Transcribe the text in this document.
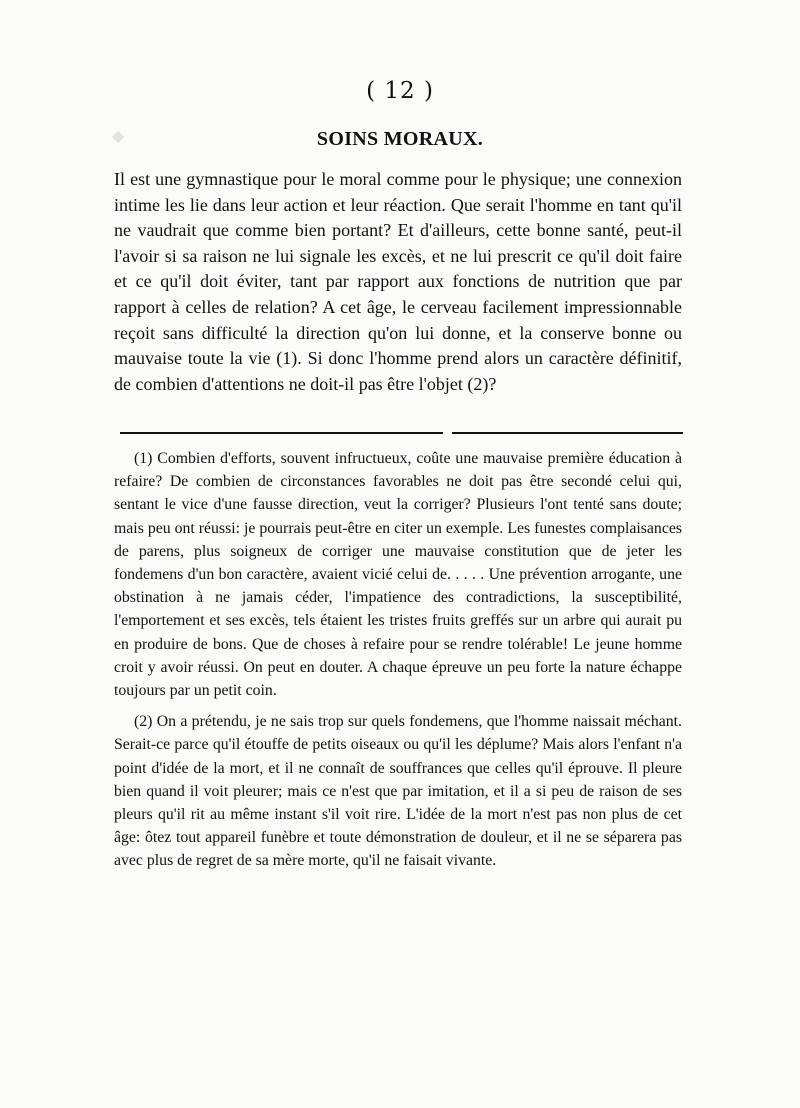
◆
( 12 )
SOINS MORAUX.
Il est une gymnastique pour le moral comme pour le physique; une connexion intime les lie dans leur action et leur réaction. Que serait l'homme en tant qu'il ne vaudrait que comme bien portant? Et d'ailleurs, cette bonne santé, peut-il l'avoir si sa raison ne lui signale les excès, et ne lui prescrit ce qu'il doit faire et ce qu'il doit éviter, tant par rapport aux fonctions de nutrition que par rapport à celles de relation? A cet âge, le cerveau facilement impressionnable reçoit sans difficulté la direction qu'on lui donne, et la conserve bonne ou mauvaise toute la vie (1). Si donc l'homme prend alors un caractère définitif, de combien d'attentions ne doit-il pas être l'objet (2)?

(1) Combien d'efforts, souvent infructueux, coûte une mauvaise première éducation à refaire? De combien de circonstances favorables ne doit pas être secondé celui qui, sentant le vice d'une fausse direction, veut la corriger? Plusieurs l'ont tenté sans doute; mais peu ont réussi: je pourrais peut-être en citer un exemple. Les funestes complaisances de parens, plus soigneux de corriger une mauvaise constitution que de jeter les fondemens d'un bon caractère, avaient vicié celui de. . . . . Une prévention arrogante, une obstination à ne jamais céder, l'impatience des contradictions, la susceptibilité, l'emportement et ses excès, tels étaient les tristes fruits greffés sur un arbre qui aurait pu en produire de bons. Que de choses à refaire pour se rendre tolérable! Le jeune homme croit y avoir réussi. On peut en douter. A chaque épreuve un peu forte la nature échappe toujours par un petit coin.

(2) On a prétendu, je ne sais trop sur quels fondemens, que l'homme naissait méchant. Serait-ce parce qu'il étouffe de petits oiseaux ou qu'il les déplume? Mais alors l'enfant n'a point d'idée de la mort, et il ne connaît de souffrances que celles qu'il éprouve. Il pleure bien quand il voit pleurer; mais ce n'est que par imitation, et il a si peu de raison de ses pleurs qu'il rit au même instant s'il voit rire. L'idée de la mort n'est pas non plus de cet âge: ôtez tout appareil funèbre et toute démonstration de douleur, et il ne se séparera pas avec plus de regret de sa mère morte, qu'il ne faisait vivante.
